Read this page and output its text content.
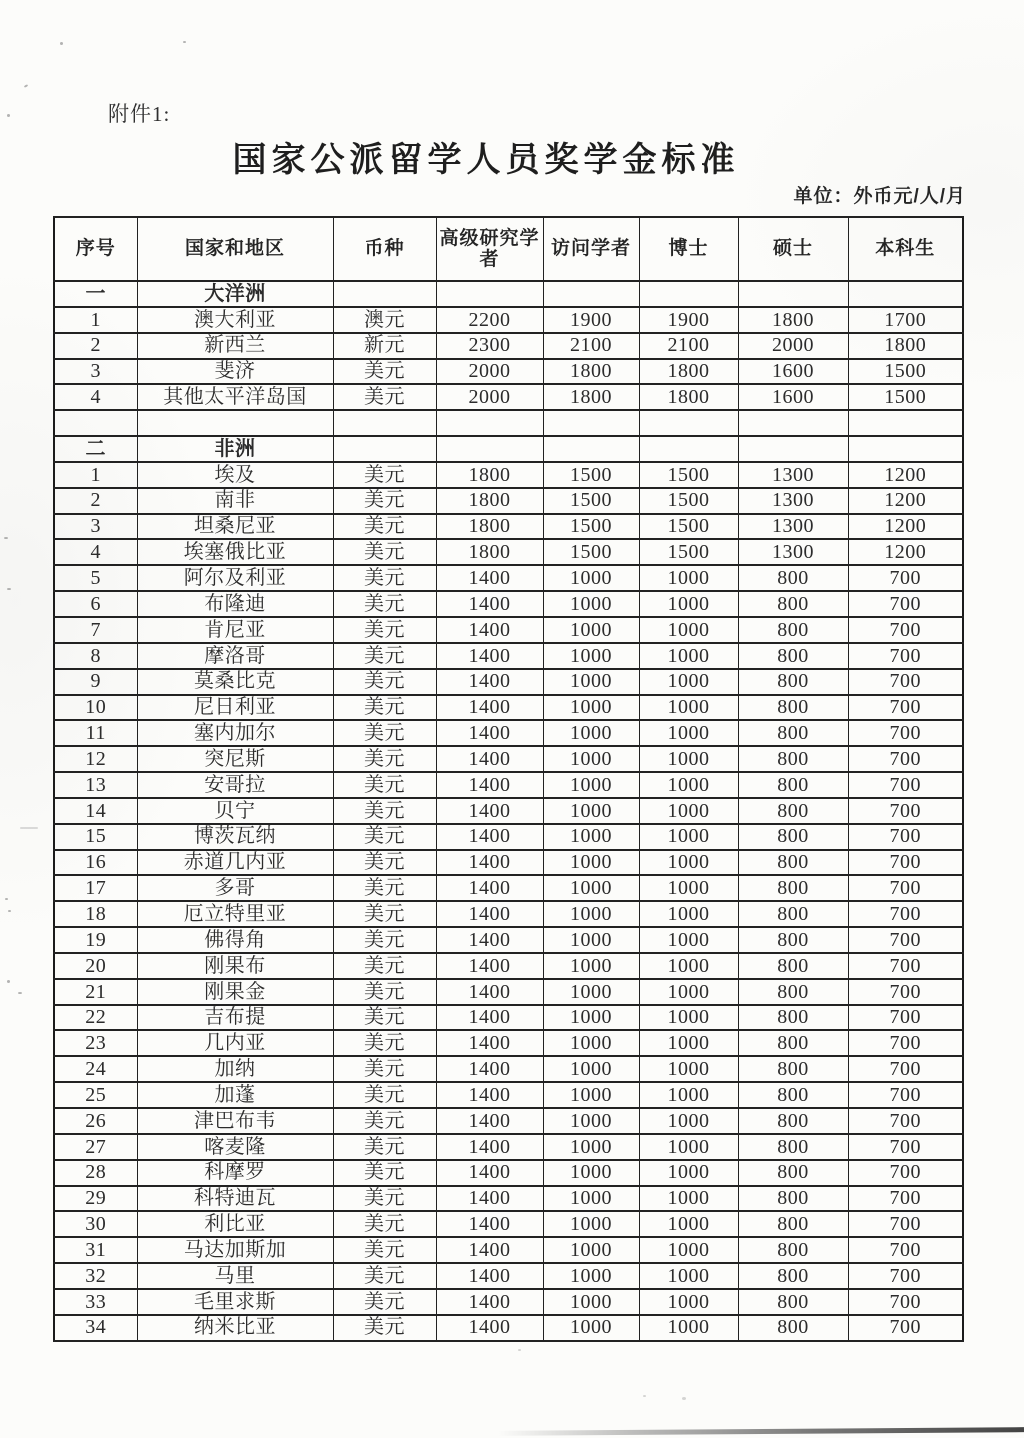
附件1:
国家公派留学人员奖学金标准
单位：外币元/人/月
序号	国家和地区	币种	高级研究学者	访问学者	博士	硕士	本科生
一	大洋洲						
1	澳大利亚	澳元	2200	1900	1900	1800	1700
2	新西兰	新元	2300	2100	2100	2000	1800
3	斐济	美元	2000	1800	1800	1600	1500
4	其他太平洋岛国	美元	2000	1800	1800	1600	1500

二	非洲						
1	埃及	美元	1800	1500	1500	1300	1200
2	南非	美元	1800	1500	1500	1300	1200
3	坦桑尼亚	美元	1800	1500	1500	1300	1200
4	埃塞俄比亚	美元	1800	1500	1500	1300	1200
5	阿尔及利亚	美元	1400	1000	1000	800	700
6	布隆迪	美元	1400	1000	1000	800	700
7	肯尼亚	美元	1400	1000	1000	800	700
8	摩洛哥	美元	1400	1000	1000	800	700
9	莫桑比克	美元	1400	1000	1000	800	700
10	尼日利亚	美元	1400	1000	1000	800	700
11	塞内加尔	美元	1400	1000	1000	800	700
12	突尼斯	美元	1400	1000	1000	800	700
13	安哥拉	美元	1400	1000	1000	800	700
14	贝宁	美元	1400	1000	1000	800	700
15	博茨瓦纳	美元	1400	1000	1000	800	700
16	赤道几内亚	美元	1400	1000	1000	800	700
17	多哥	美元	1400	1000	1000	800	700
18	厄立特里亚	美元	1400	1000	1000	800	700
19	佛得角	美元	1400	1000	1000	800	700
20	刚果布	美元	1400	1000	1000	800	700
21	刚果金	美元	1400	1000	1000	800	700
22	吉布提	美元	1400	1000	1000	800	700
23	几内亚	美元	1400	1000	1000	800	700
24	加纳	美元	1400	1000	1000	800	700
25	加蓬	美元	1400	1000	1000	800	700
26	津巴布韦	美元	1400	1000	1000	800	700
27	喀麦隆	美元	1400	1000	1000	800	700
28	科摩罗	美元	1400	1000	1000	800	700
29	科特迪瓦	美元	1400	1000	1000	800	700
30	利比亚	美元	1400	1000	1000	800	700
31	马达加斯加	美元	1400	1000	1000	800	700
32	马里	美元	1400	1000	1000	800	700
33	毛里求斯	美元	1400	1000	1000	800	700
34	纳米比亚	美元	1400	1000	1000	800	700
